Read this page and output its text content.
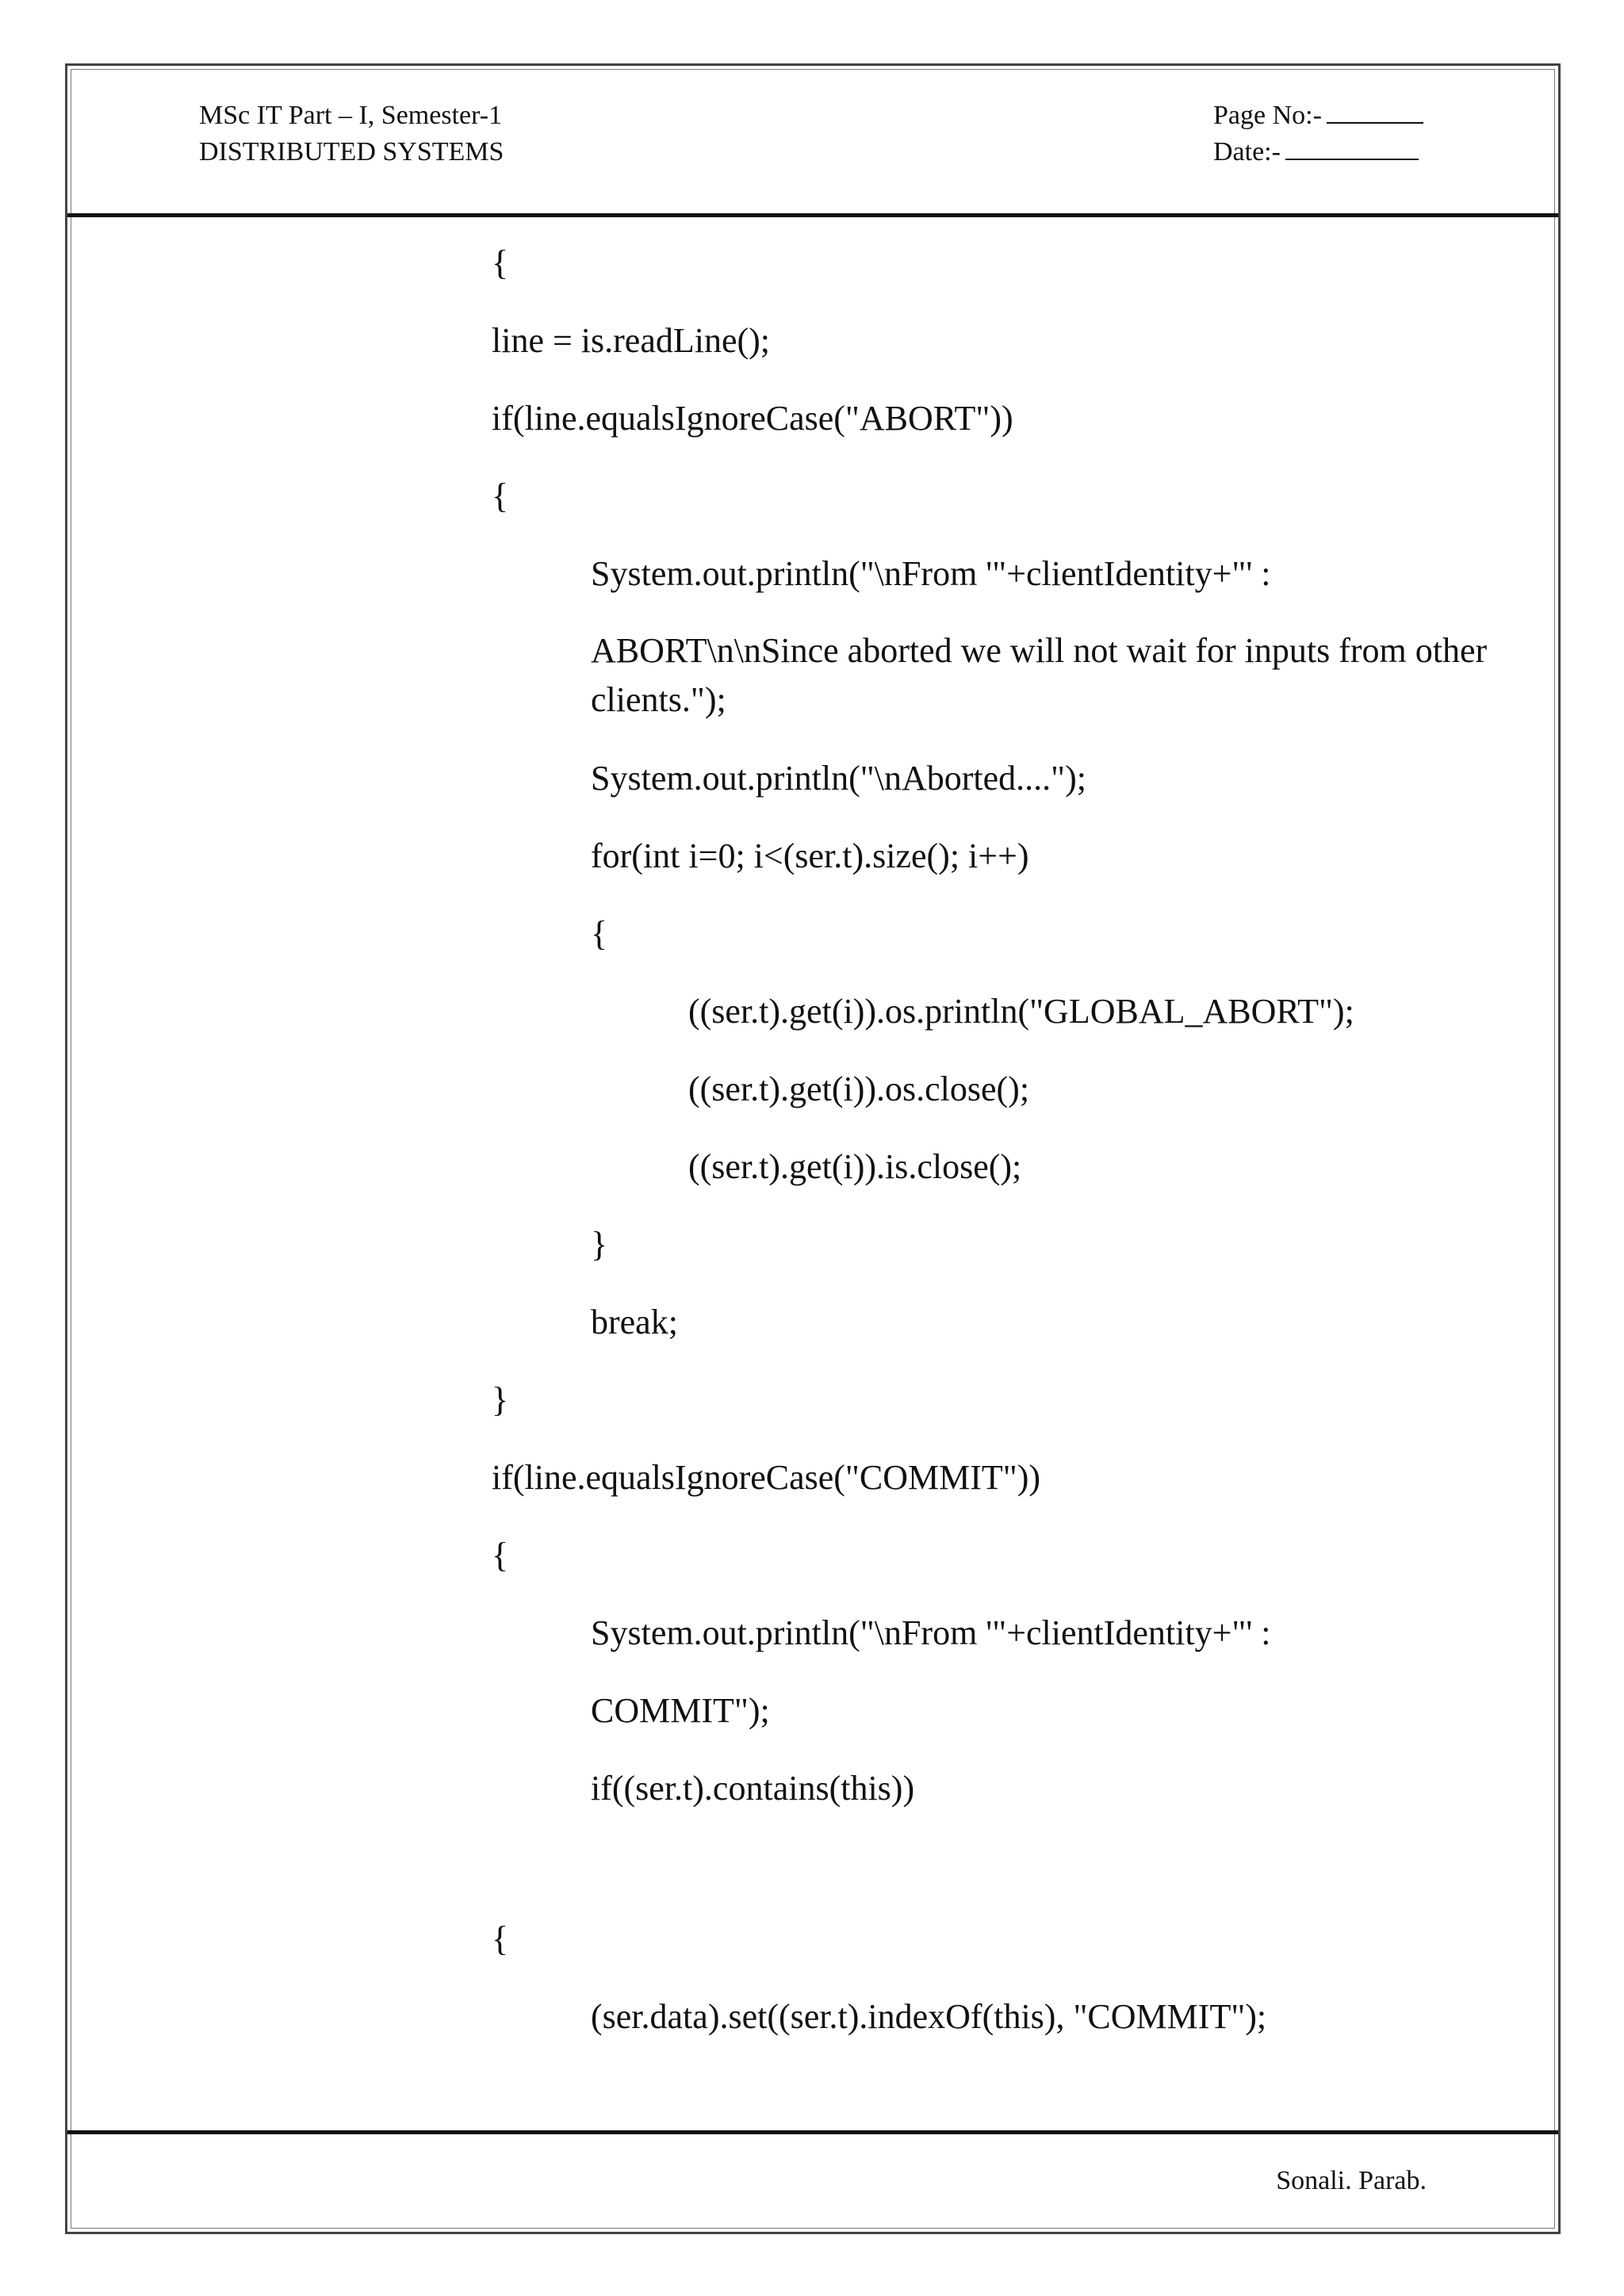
MSc IT Part – I, Semester-1
DISTRIBUTED SYSTEMS
Page No:-
Date:-
{
line = is.readLine();
if(line.equalsIgnoreCase("ABORT"))
{
System.out.println("\nFrom '"+clientIdentity+"' :
ABORT\n\nSince aborted we will not wait for inputs from other clients.");
System.out.println("\nAborted....");
for(int i=0; i<(ser.t).size(); i++)
{
((ser.t).get(i)).os.println("GLOBAL_ABORT");
((ser.t).get(i)).os.close();
((ser.t).get(i)).is.close();
}
break;
}
if(line.equalsIgnoreCase("COMMIT"))
{
System.out.println("\nFrom '"+clientIdentity+"' :
COMMIT");
if((ser.t).contains(this))
{
(ser.data).set((ser.t).indexOf(this), "COMMIT");
Sonali. Parab.
